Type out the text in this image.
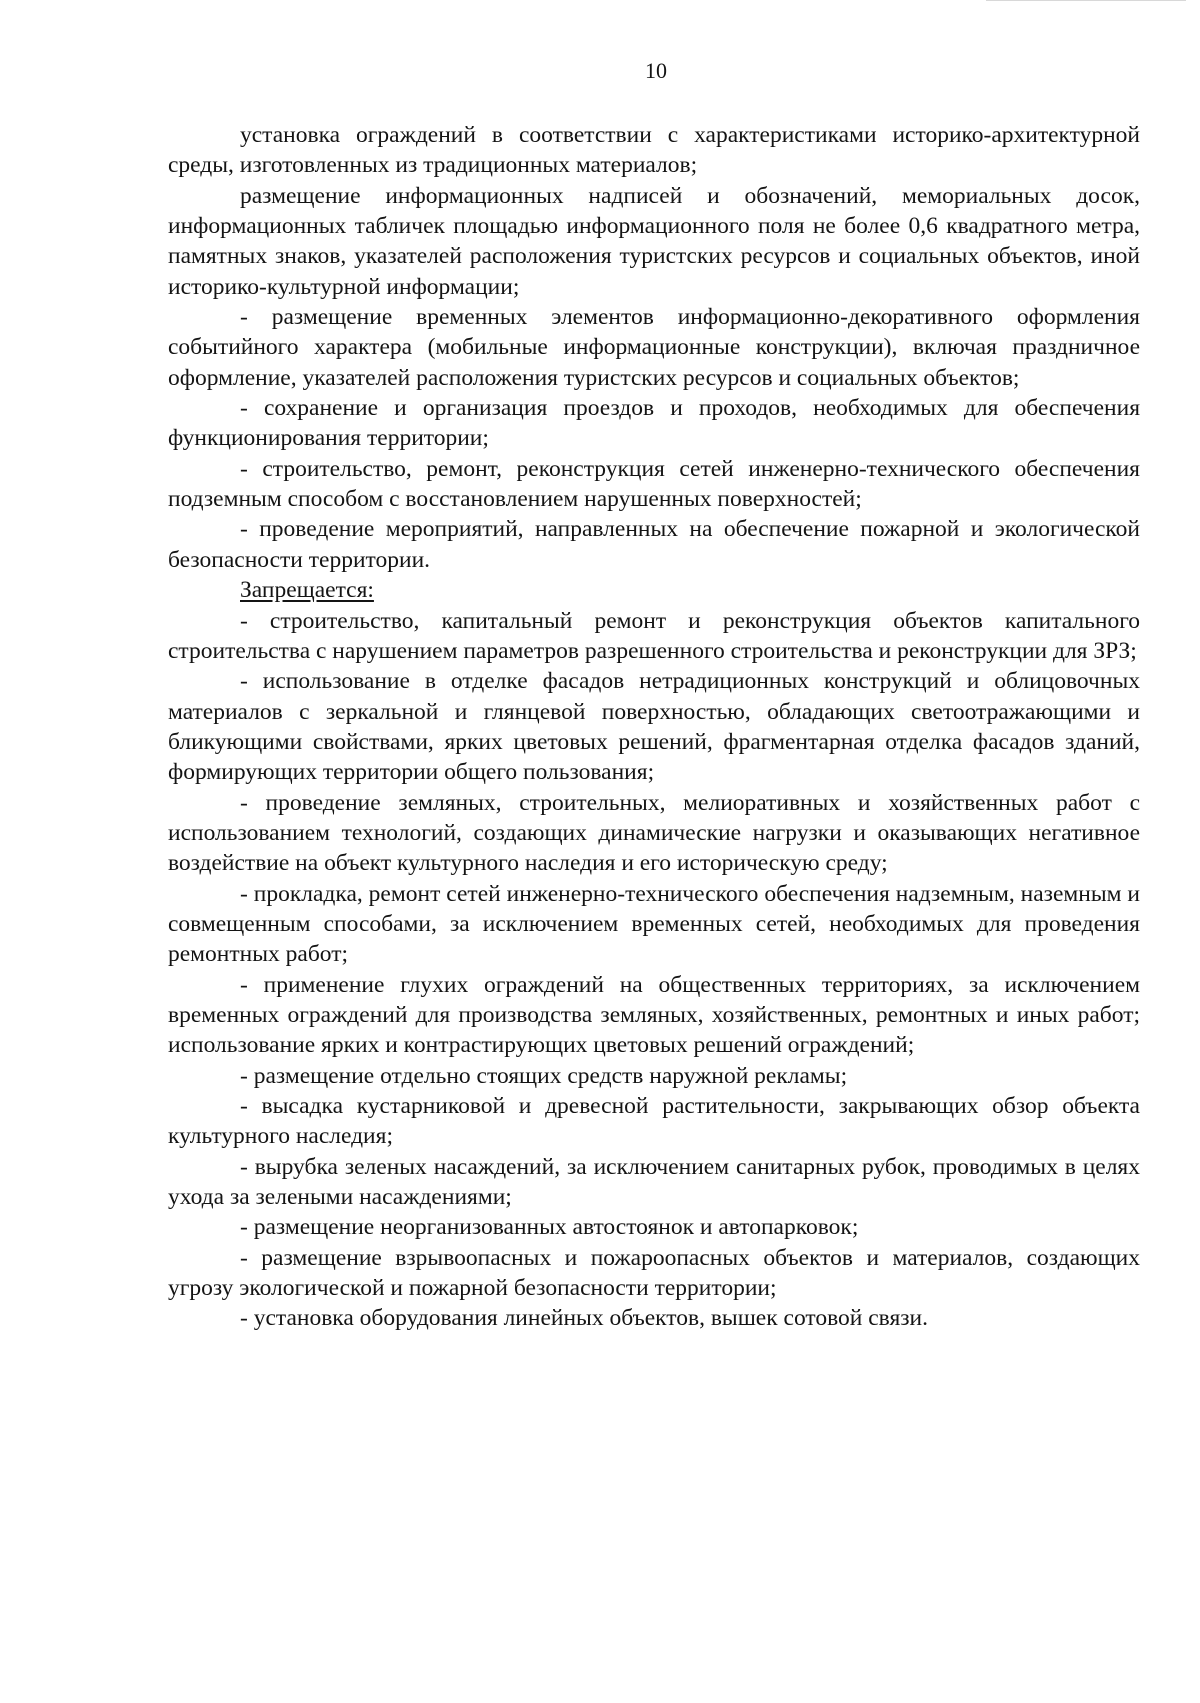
10

установка ограждений в соответствии с характеристиками историко-архитектурной среды, изготовленных из традиционных материалов;

размещение информационных надписей и обозначений, мемориальных досок, информационных табличек площадью информационного поля не более 0,6 квадратного метра, памятных знаков, указателей расположения туристских ресурсов и социальных объектов, иной историко-культурной информации;

- размещение временных элементов информационно-декоративного оформления событийного характера (мобильные информационные конструкции), включая праздничное оформление, указателей расположения туристских ресурсов и социальных объектов;

- сохранение и организация проездов и проходов, необходимых для обеспечения функционирования территории;

- строительство, ремонт, реконструкция сетей инженерно-технического обеспечения подземным способом с восстановлением нарушенных поверхностей;

- проведение мероприятий, направленных на обеспечение пожарной и экологической безопасности территории.

Запрещается:

- строительство, капитальный ремонт и реконструкция объектов капитального строительства с нарушением параметров разрешенного строительства и реконструкции для ЗРЗ;

- использование в отделке фасадов нетрадиционных конструкций и облицовочных материалов с зеркальной и глянцевой поверхностью, обладающих светоотражающими и бликующими свойствами, ярких цветовых решений, фрагментарная отделка фасадов зданий, формирующих территории общего пользования;

- проведение земляных, строительных, мелиоративных и хозяйственных работ с использованием технологий, создающих динамические нагрузки и оказывающих негативное воздействие на объект культурного наследия и его историческую среду;

- прокладка, ремонт сетей инженерно-технического обеспечения надземным, наземным и совмещенным способами, за исключением временных сетей, необходимых для проведения ремонтных работ;

- применение глухих ограждений на общественных территориях, за исключением временных ограждений для производства земляных, хозяйственных, ремонтных и иных работ; использование ярких и контрастирующих цветовых решений ограждений;

- размещение отдельно стоящих средств наружной рекламы;

- высадка кустарниковой и древесной растительности, закрывающих обзор объекта культурного наследия;

- вырубка зеленых насаждений, за исключением санитарных рубок, проводимых в целях ухода за зелеными насаждениями;

- размещение неорганизованных автостоянок и автопарковок;

- размещение взрывоопасных и пожароопасных объектов и материалов, создающих угрозу экологической и пожарной безопасности территории;

- установка оборудования линейных объектов, вышек сотовой связи.
